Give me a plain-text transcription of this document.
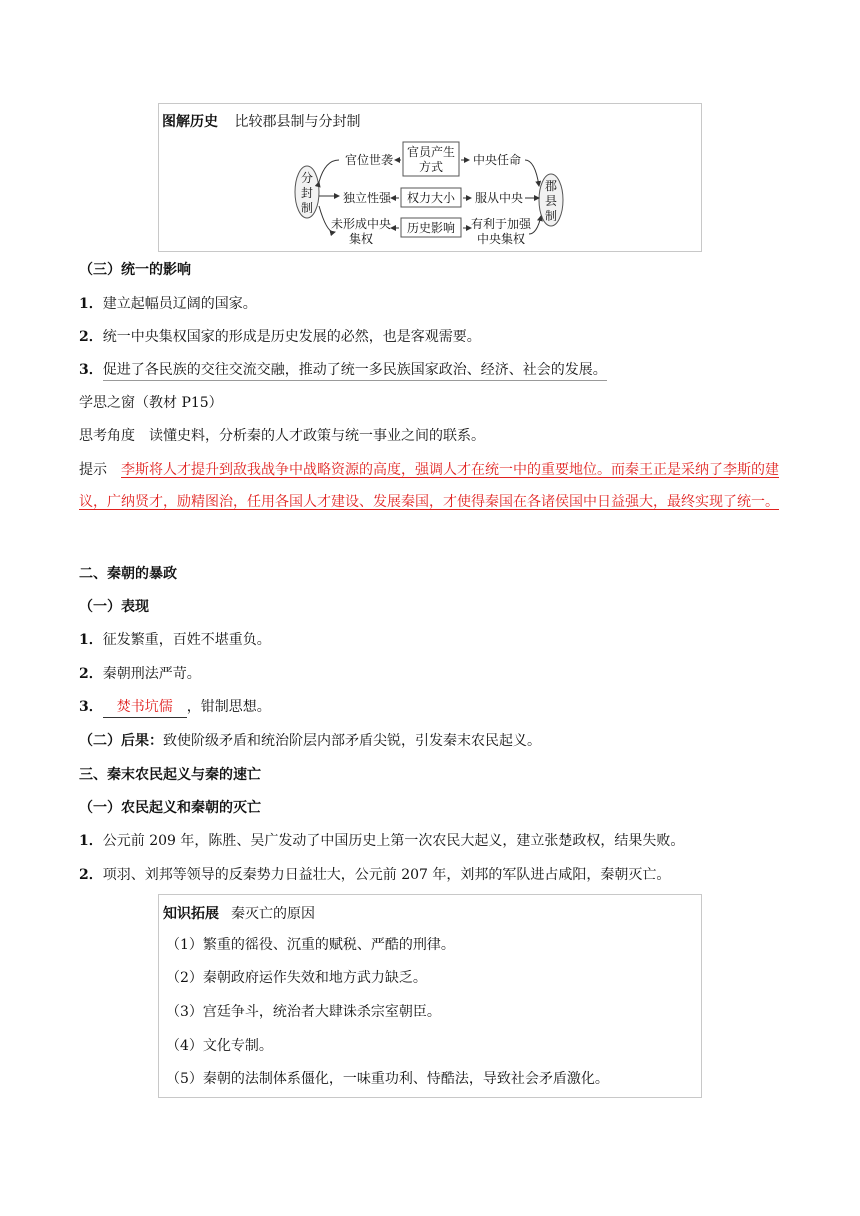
图解历史 比较郡县制与分封制
分
封
制
郡
县
制
官员产生
方式
权力大小
历史影响
官位世袭
独立性强
未形成中央
集权
中央任命
服从中央
有利于加强
中央集权
（三）统一的影响
1．建立起幅员辽阔的国家。
2．统一中央集权国家的形成是历史发展的必然，也是客观需要。
3．促进了各民族的交往交流交融，推动了统一多民族国家政治、经济、社会的发展。
学思之窗（教材 P15）
思考角度 读懂史料，分析秦的人才政策与统一事业之间的联系。
提示 李斯将人才提升到敌我战争中战略资源的高度，强调人才在统一中的重要地位。而秦王正是采纳了李斯的建议，广纳贤才，励精图治，任用各国人才建设、发展秦国，才使得秦国在各诸侯国中日益强大，最终实现了统一。
二、秦朝的暴政
（一）表现
1．征发繁重，百姓不堪重负。
2．秦朝刑法严苛。
3． 焚书坑儒 ，钳制思想。
（二）后果：致使阶级矛盾和统治阶层内部矛盾尖锐，引发秦末农民起义。
三、秦末农民起义与秦的速亡
（一）农民起义和秦朝的灭亡
1．公元前 209 年，陈胜、吴广发动了中国历史上第一次农民大起义，建立张楚政权，结果失败。
2．项羽、刘邦等领导的反秦势力日益壮大，公元前 207 年，刘邦的军队进占咸阳，秦朝灭亡。
知识拓展 秦灭亡的原因
（1）繁重的徭役、沉重的赋税、严酷的刑律。
（2）秦朝政府运作失效和地方武力缺乏。
（3）宫廷争斗，统治者大肆诛杀宗室朝臣。
（4）文化专制。
（5）秦朝的法制体系僵化，一味重功利、恃酷法，导致社会矛盾激化。
